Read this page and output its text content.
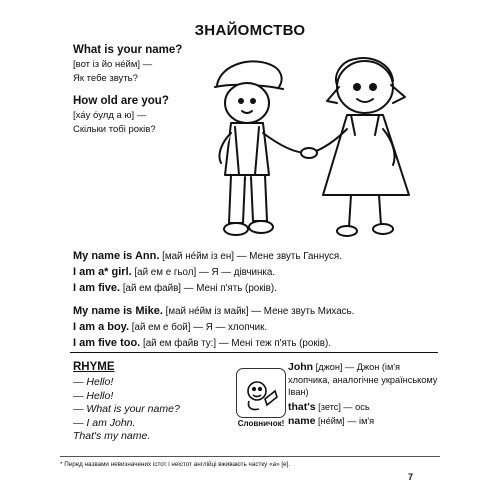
ЗНАЙОМСТВО

What is your name?

[вот із йо не́йм] —

Як тебе звуть?

How old are you?

[ха́у о́улд а ю] —

Скільки тобі років?

My name is Ann. [май не́йм із ен] — Мене звуть Ганнуся.

I am a* girl. [ай ем е гьол] — Я — дівчинка.

I am five. [ай ем файв] — Мені п'ять (років).

My name is Mike. [май не́йм із майк] — Мене звуть Михась.

I am a boy. [ай ем е бой] — Я — хлопчик.

I am five too. [ай ем файв ту:] — Мені теж п'ять (років).

RHYME

— Hello!

— Hello!

— What is your name?

— I am John.

That's my name.

Словничок!

John [джон] — Джон (ім'я хлопчика, аналогічне українському Іван)

that's [зетс] — ось

name [не́йм] — ім'я

* Перед назвами невизначених істот і неістот англійці вживають частку «a» [е].
7
